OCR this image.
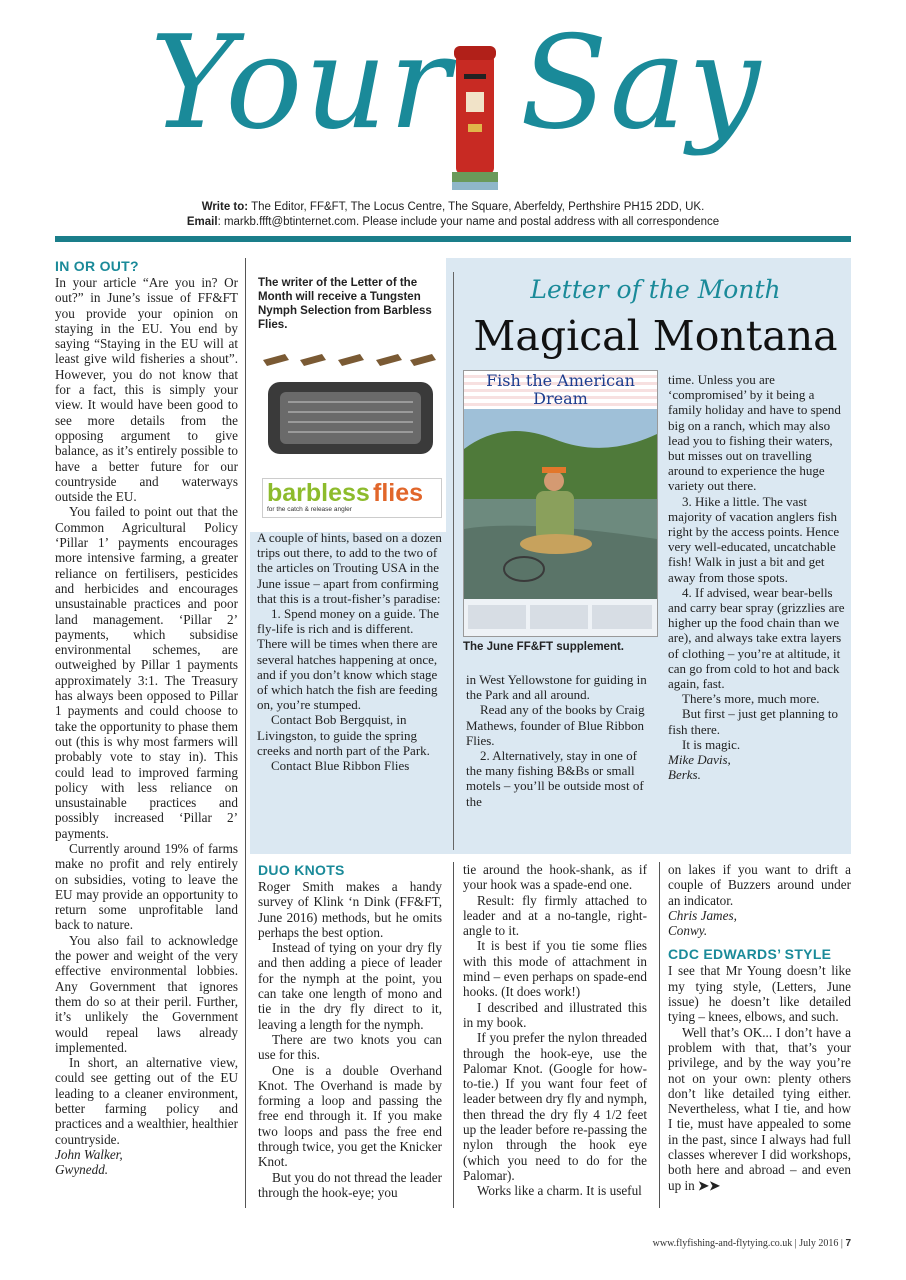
Your Say
Write to: The Editor, FF&FT, The Locus Centre, The Square, Aberfeldy, Perthshire PH15 2DD, UK.
Email: markb.ffft@btinternet.com. Please include your name and postal address with all correspondence
IN OR OUT?

In your article “Are you in? Or out?” in June’s issue of FF&FT you provide your opinion on staying in the EU. You end by saying “Staying in the EU will at least give wild fisheries a shout”. However, you do not know that for a fact, this is simply your view. It would have been good to see more details from the opposing argument to give balance, as it’s entirely possible to have a better future for our countryside and waterways outside the EU.

You failed to point out that the Common Agricultural Policy ‘Pillar 1’ payments encourages more intensive farming, a greater reliance on fertilisers, pesticides and herbicides and encourages unsustainable practices and poor land management. ‘Pillar 2’ payments, which subsidise environmental schemes, are outweighed by Pillar 1 payments approximately 3:1. The Treasury has always been opposed to Pillar 1 payments and could choose to take the opportunity to phase them out (this is why most farmers will probably vote to stay in). This could lead to improved farming policy with less reliance on unsustainable practices and possibly increased ‘Pillar 2’ payments.

Currently around 19% of farms make no profit and rely entirely on subsidies, voting to leave the EU may provide an opportunity to return some unprofitable land back to nature.

You also fail to acknowledge the power and weight of the very effective environmental lobbies. Any Government that ignores them do so at their peril. Further, it’s unlikely the Government would repeal laws already implemented.

In short, an alternative view, could see getting out of the EU leading to a cleaner environment, better farming policy and practices and a wealthier, healthier countryside.

John Walker,

Gwynedd.

The writer of the Letter of the Month will receive a Tungsten Nymph Selection from Barbless Flies.
barbless flies
for the catch & release angler
Letter of the Month
Magical Montana

A couple of hints, based on a dozen trips out there, to add to the two of the articles on Trouting USA in the June issue – apart from confirming that this is a trout-fisher’s paradise:

1. Spend money on a guide. The fly-life is rich and is different. There will be times when there are several hatches happening at once, and if you don’t know which stage of which hatch the fish are feeding on, you’re stumped.

Contact Bob Bergquist, in Livingston, to guide the spring creeks and north part of the Park.

Contact Blue Ribbon Flies

Fish the American
Dream
The June FF&FT supplement.

in West Yellowstone for guiding in the Park and all around.

Read any of the books by Craig Mathews, founder of Blue Ribbon Flies.

2. Alternatively, stay in one of the many fishing B&Bs or small motels – you’ll be outside most of the

time. Unless you are ‘compromised’ by it being a family holiday and have to spend big on a ranch, which may also lead you to fishing their waters, but misses out on travelling around to experience the huge variety out there.

3. Hike a little. The vast majority of vacation anglers fish right by the access points. Hence very well-educated, uncatchable fish! Walk in just a bit and get away from those spots.

4. If advised, wear bear-bells and carry bear spray (grizzlies are higher up the food chain than we are), and always take extra layers of clothing – you’re at altitude, it can go from cold to hot and back again, fast.

There’s more, much more.

But first – just get planning to fish there.

It is magic.

Mike Davis,

Berks.

DUO KNOTS

Roger Smith makes a handy survey of Klink ‘n Dink (FF&FT, June 2016) methods, but he omits perhaps the best option.

Instead of tying on your dry fly and then adding a piece of leader for the nymph at the point, you can take one length of mono and tie in the dry fly direct to it, leaving a length for the nymph.

There are two knots you can use for this.

One is a double Overhand Knot. The Overhand is made by forming a loop and passing the free end through it. If you make two loops and pass the free end through twice, you get the Knicker Knot.

But you do not thread the leader through the hook-eye; you

tie around the hook-shank, as if your hook was a spade-end one.

Result: fly firmly attached to leader and at a no-tangle, right-angle to it.

It is best if you tie some flies with this mode of attachment in mind – even perhaps on spade-end hooks. (It does work!)

I described and illustrated this in my book.

If you prefer the nylon threaded through the hook-eye, use the Palomar Knot. (Google for how-to-tie.) If you want four feet of leader between dry fly and nymph, then thread the dry fly 4 1/2 feet up the leader before re-passing the nylon through the hook eye (which you need to do for the Palomar).

Works like a charm. It is useful

on lakes if you want to drift a couple of Buzzers around under an indicator.

Chris James,

Conwy.

CDC EDWARDS’ STYLE

I see that Mr Young doesn’t like my tying style, (Letters, June issue) he doesn’t like detailed tying – knees, elbows, and such.

Well that’s OK... I don’t have a problem with that, that’s your privilege, and by the way you’re not on your own: plenty others don’t like detailed tying either. Nevertheless, what I tie, and how I tie, must have appealed to some in the past, since I always had full classes wherever I did workshops, both here and abroad – and even up in ➤➤

www.flyfishing-and-flytying.co.uk | July 2016 | 7
